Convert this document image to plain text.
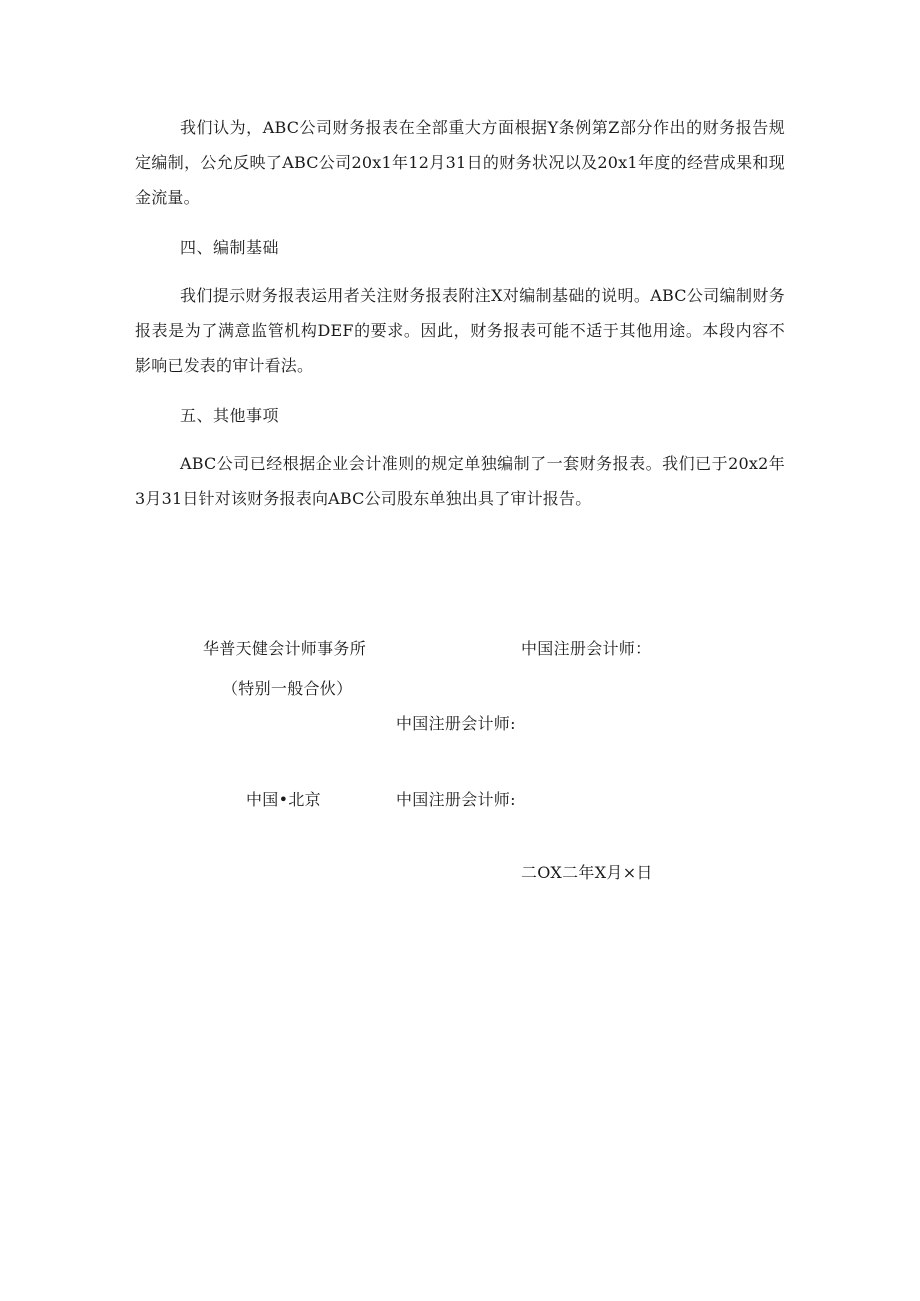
我们认为，ABC公司财务报表在全部重大方面根据Y条例第Z部分作出的财务报告规定编制，公允反映了ABC公司20x1年12月31日的财务状况以及20x1年度的经营成果和现金流量。

四、编制基础

我们提示财务报表运用者关注财务报表附注X对编制基础的说明。ABC公司编制财务报表是为了满意监管机构DEF的要求。因此，财务报表可能不适于其他用途。本段内容不影响已发表的审计看法。

五、其他事项

ABC公司已经根据企业会计准则的规定单独编制了一套财务报表。我们已于20x2年3月31日针对该财务报表向ABC公司股东单独出具了审计报告。

华普天健会计师事务所	中国注册会计师：
（特别一般合伙）
中国注册会计师:
中国•北京	中国注册会计师:
二OX二年X月×日
